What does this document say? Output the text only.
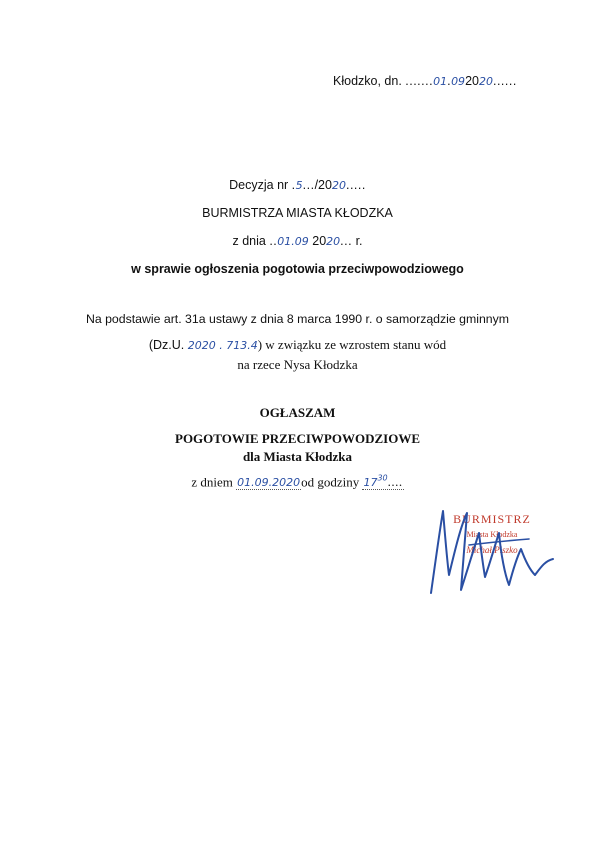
Kłodzko, dn. .......01.092020......
Decyzja nr .5.../2020.....
BURMISTRZA MIASTA KŁODZKA
z dnia ..01.09 2020... r.
w sprawie ogłoszenia pogotowia przeciwpowodziowego
Na podstawie art. 31a ustawy z dnia 8 marca 1990 r. o samorządzie gminnym
(Dz.U. 2020 . 713.4) w związku ze wzrostem stanu wód
na rzece Nysa Kłodzka
OGŁASZAM
POGOTOWIE PRZECIWPOWODZIOWE
dla Miasta Kłodzka
z dniem 01.09.2020od godziny $17^{30}$....
BURMISTRZ
Miasta Kłodzka
Michał Piszko
